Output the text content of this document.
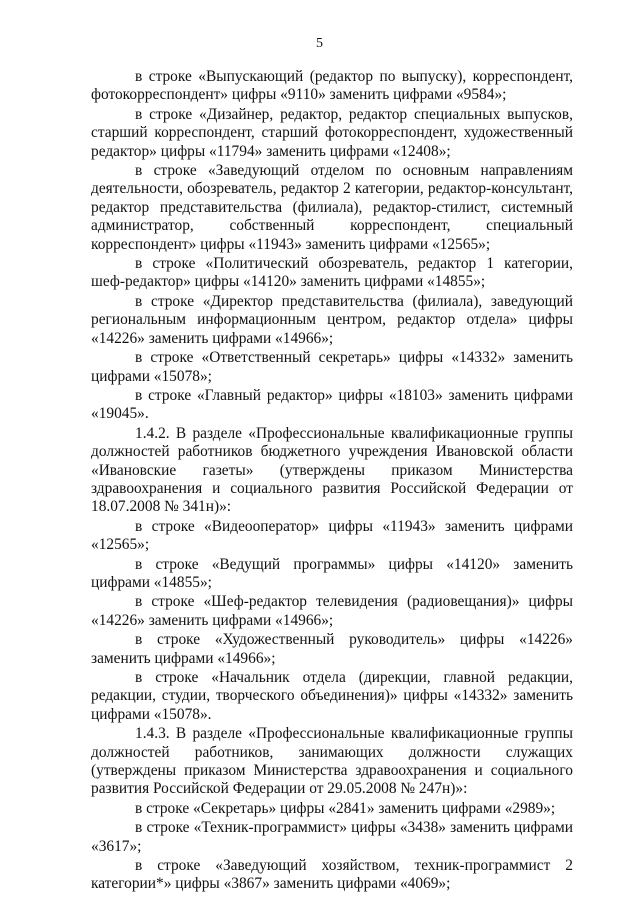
5

в строке «Выпускающий (редактор по выпуску), корреспондент, фотокорреспондент» цифры «9110» заменить цифрами «9584»;

в строке «Дизайнер, редактор, редактор специальных выпусков, старший корреспондент, старший фотокорреспондент, художественный редактор» цифры «11794» заменить цифрами «12408»;

в строке «Заведующий отделом по основным направлениям деятельности, обозреватель, редактор 2 категории, редактор-консультант, редактор представительства (филиала), редактор-стилист, системный администратор, собственный корреспондент, специальный корреспондент» цифры «11943» заменить цифрами «12565»;

в строке «Политический обозреватель, редактор 1 категории, шеф-редактор» цифры «14120» заменить цифрами «14855»;

в строке «Директор представительства (филиала), заведующий региональным информационным центром, редактор отдела» цифры «14226» заменить цифрами «14966»;

в строке «Ответственный секретарь» цифры «14332» заменить цифрами «15078»;

в строке «Главный редактор» цифры «18103» заменить цифрами «19045».

1.4.2. В разделе «Профессиональные квалификационные группы должностей работников бюджетного учреждения Ивановской области «Ивановские газеты» (утверждены приказом Министерства здравоохранения и социального развития Российской Федерации от 18.07.2008 № 341н)»:

в строке «Видеооператор» цифры «11943» заменить цифрами «12565»;

в строке «Ведущий программы» цифры «14120» заменить цифрами «14855»;

в строке «Шеф-редактор телевидения (радиовещания)» цифры «14226» заменить цифрами «14966»;

в строке «Художественный руководитель» цифры «14226» заменить цифрами «14966»;

в строке «Начальник отдела (дирекции, главной редакции, редакции, студии, творческого объединения)» цифры «14332» заменить цифрами «15078».

1.4.3. В разделе «Профессиональные квалификационные группы должностей работников, занимающих должности служащих (утверждены приказом Министерства здравоохранения и социального развития Российской Федерации от 29.05.2008 № 247н)»:

в строке «Секретарь» цифры «2841» заменить цифрами «2989»;

в строке «Техник-программист» цифры «3438» заменить цифрами «3617»;

в строке «Заведующий хозяйством, техник-программист 2 категории*» цифры «3867» заменить цифрами «4069»;
